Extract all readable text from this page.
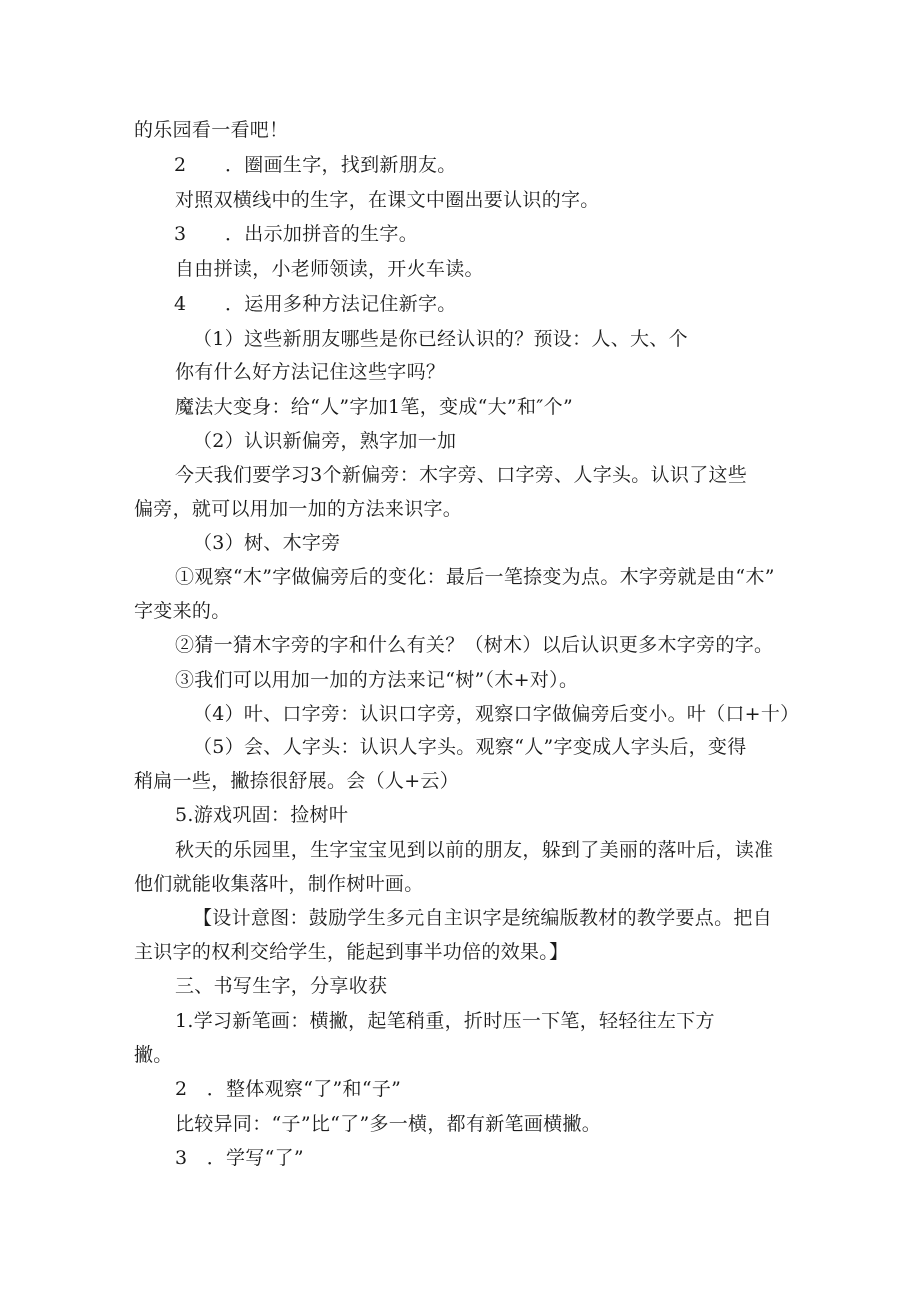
的乐园看一看吧！
2　　．圈画生字，找到新朋友。
对照双横线中的生字，在课文中圈出要认识的字。
3　　．出示加拼音的生字。
自由拼读，小老师领读，开火车读。
4　　．运用多种方法记住新字。
（1）这些新朋友哪些是你已经认识的？预设：人、大、个
你有什么好方法记住这些字吗？
魔法大变身：给“人”字加1笔，变成“大”和″个”
（2）认识新偏旁，熟字加一加
今天我们要学习3个新偏旁：木字旁、口字旁、人字头。认识了这些
偏旁，就可以用加一加的方法来识字。
（3）树、木字旁
①观察“木”字做偏旁后的变化：最后一笔捺变为点。木字旁就是由“木”
字变来的。
②猜一猜木字旁的字和什么有关？（树木）以后认识更多木字旁的字。
③我们可以用加一加的方法来记“树”（木+对）。
（4）叶、口字旁：认识口字旁，观察口字做偏旁后变小。叶（口+十）
（5）会、人字头：认识人字头。观察“人”字变成人字头后，变得
稍扁一些，撇捺很舒展。会（人+云）
5.游戏巩固：捡树叶
秋天的乐园里，生字宝宝见到以前的朋友，躲到了美丽的落叶后，读准
他们就能收集落叶，制作树叶画。
【设计意图：鼓励学生多元自主识字是统编版教材的教学要点。把自
主识字的权利交给学生，能起到事半功倍的效果。】
三、书写生字，分享收获
1.学习新笔画：横撇，起笔稍重，折时压一下笔，轻轻往左下方
撇。
2　．整体观察“了”和“子”
比较异同：“子”比“了”多一横，都有新笔画横撇。
3　．学写“了”
